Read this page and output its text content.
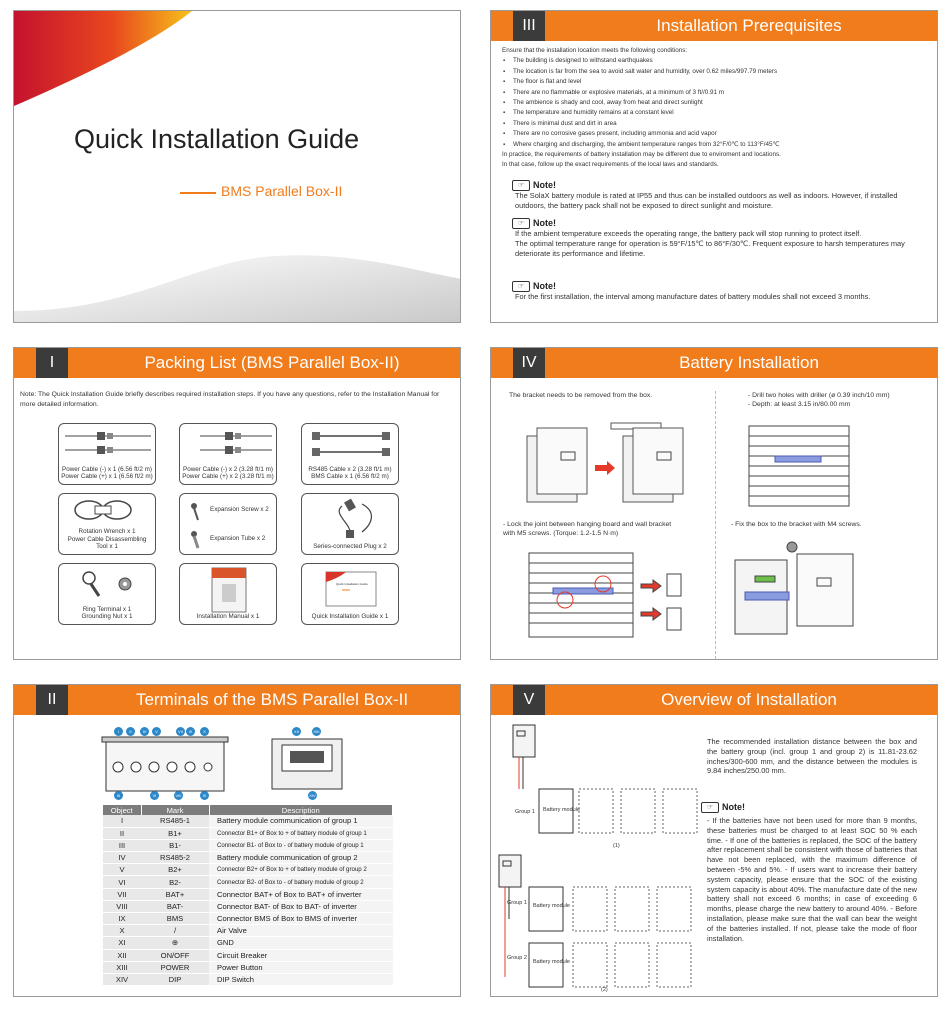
Quick Installation Guide
BMS Parallel Box-II
III	Installation Prerequisites
Ensure that the installation location meets the following conditions:
▪ The building is designed to withstand earthquakes
▪ The location is far from the sea to avoid salt water and humidity, over 0.62 miles/997.79 meters
▪ The floor is flat and level
▪ There are no flammable or explosive materials, at a minimum of 3 ft//0.91 m
▪ The ambience is shady and cool, away from heat and direct sunlight
▪ The temperature and humidity remains at a constant level
▪ There is minimal dust and dirt in area
▪ There are no corrosive gases present, including ammonia and acid vapor
▪ Where charging and discharging, the ambient temperature ranges from 32°F/0℃ to 113°F/45℃
In practice, the requirements of battery installation may be different due to enviroment and locations.
In that case, follow up the exact requirements of the local laws and standards.
☞ Note!
The SolaX battery module is rated at IP55 and thus can be installed outdoors as well as indoors. However, if installed outdoors, the battery pack shall not be exposed to direct sunlight and moisture.
☞ Note!
If the ambient temperature exceeds the operating range, the battery pack will stop running to protect itself.
The optimal temperature range for operation is 59°F/15℃ to 86°F/30℃. Frequent exposure to harsh temperatures may deteriorate its performance and lifetime.
☞ Note!
For the first installation, the interval among manufacture dates of battery modules shall not exceed 3 months.
I	Packing List (BMS Parallel Box-II)
Note: The Quick Installation Guide briefly describes required installation steps. If you have any questions, refer to the Installation Manual for more detailed information.
Power Cable (-) x 1 (6.56 ft/2 m)
Power Cable (+) x 1 (6.56 ft/2 m)
Power Cable (-) x 2 (3.28 ft/1 m)
Power Cable (+) x 2 (3.28 ft/1 m)
RS485 Cable x 2 (3.28 ft/1 m)
BMS Cable x 1 (6.56 ft/2 m)
Rotation Wrench x 1
Power Cable Disassembling
Tool x 1
Expansion Screw x 2
Expansion Tube x 2
Series-connected Plug x 2
Ring Terminal x 1
Grounding Nut x 1	Installation Manual x 1
Quick Installation Guide
Quick Installation Guide x 1
IV	Battery Installation
The bracket needs to be removed from the box.	- Drill two holes with driller (ø 0.39 inch/10 mm)
- Depth: at least 3.15 in/80.00 mm
- Lock the joint between hanging board and wall bracket
with M5 screws. (Torque: 1.2-1.5 N·m)
- Fix the box to the bracket with M4 screws.
II	Terminals of the BMS Parallel Box-II
I	II	IV	V	VII	IX	X
III	VI	VIII	XI
XII	XIII
XIV
Object	Mark	Description
I	RS485-1	Battery module communication of group 1
II	B1+	Connector B1+ of Box to + of battery module of group 1
III	B1-	Connector B1- of Box to - of battery module of group 1
IV	RS485-2	Battery module communication of group 2
V	B2+	Connector B2+ of Box to + of battery module of group 2
VI	B2-	Connector B2- of Box to - of battery module of group 2
VII	BAT+	Connector BAT+ of Box to BAT+ of inverter
VIII	BAT-	Connector BAT- of Box to BAT- of inverter
IX	BMS	Connector BMS of Box to BMS of inverter
X	/	Air Valve
XI	⊕	GND
XII	ON/OFF	Circuit Breaker
XIII	POWER	Power Button
XIV	DIP	DIP Switch
V	Overview of Installation
The recommended installation distance between the box and the battery group (incl. group 1 and group 2) is 11.81-23.62 inches/300-600 mm, and the distance between the modules is 9.84 inches/250.00 mm.
☞ Note!
- If the batteries have not been used for more than 9 months, these batteries must be charged to at least SOC 50 % each time. - If one of the batteries is replaced, the SOC of the battery after replacement shall be consistent with those of batteries that have not been replaced, with the maximum difference of between -5% and 5%. - If users want to increase their battery system capacity, please ensure that the SOC of the existing system capacity is about 40%. The manufacture date of the new battery shall not exceed 6 months; in case of exceeding 6 months, please charge the new battery to around 40%. - Before installation, please make sure that the wall can bear the weight of the batteries installed. If not, please take the mode of floor installation.
Group 1 Battery module
(1)
Group 1 Battery module
Group 2
Battery module
(2)
